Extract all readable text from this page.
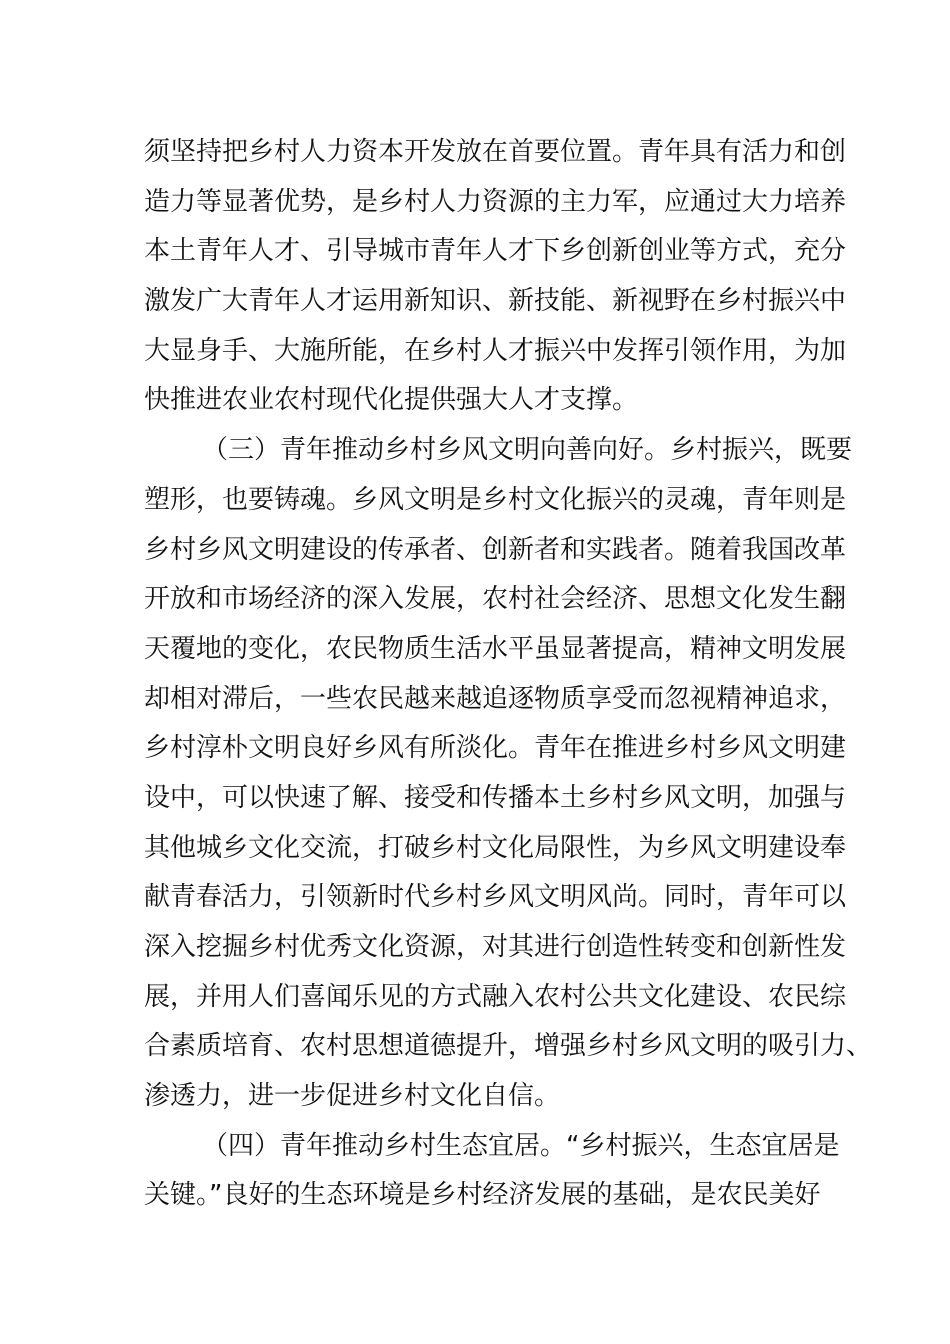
须坚持把乡村人力资本开发放在首要位置。青年具有活力和创
造力等显著优势，是乡村人力资源的主力军，应通过大力培养
本土青年人才、引导城市青年人才下乡创新创业等方式，充分
激发广大青年人才运用新知识、新技能、新视野在乡村振兴中
大显身手、大施所能，在乡村人才振兴中发挥引领作用，为加
快推进农业农村现代化提供强大人才支撑。
（三）青年推动乡村乡风文明向善向好。乡村振兴，既要
塑形，也要铸魂。乡风文明是乡村文化振兴的灵魂，青年则是
乡村乡风文明建设的传承者、创新者和实践者。随着我国改革
开放和市场经济的深入发展，农村社会经济、思想文化发生翻
天覆地的变化，农民物质生活水平虽显著提高，精神文明发展
却相对滞后，一些农民越来越追逐物质享受而忽视精神追求，
乡村淳朴文明良好乡风有所淡化。青年在推进乡村乡风文明建
设中，可以快速了解、接受和传播本土乡村乡风文明，加强与
其他城乡文化交流，打破乡村文化局限性，为乡风文明建设奉
献青春活力，引领新时代乡村乡风文明风尚。同时，青年可以
深入挖掘乡村优秀文化资源，对其进行创造性转变和创新性发
展，并用人们喜闻乐见的方式融入农村公共文化建设、农民综
合素质培育、农村思想道德提升，增强乡村乡风文明的吸引力、
渗透力，进一步促进乡村文化自信。
（四）青年推动乡村生态宜居。“乡村振兴，生态宜居是
关键。”良好的生态环境是乡村经济发展的基础，是农民美好
